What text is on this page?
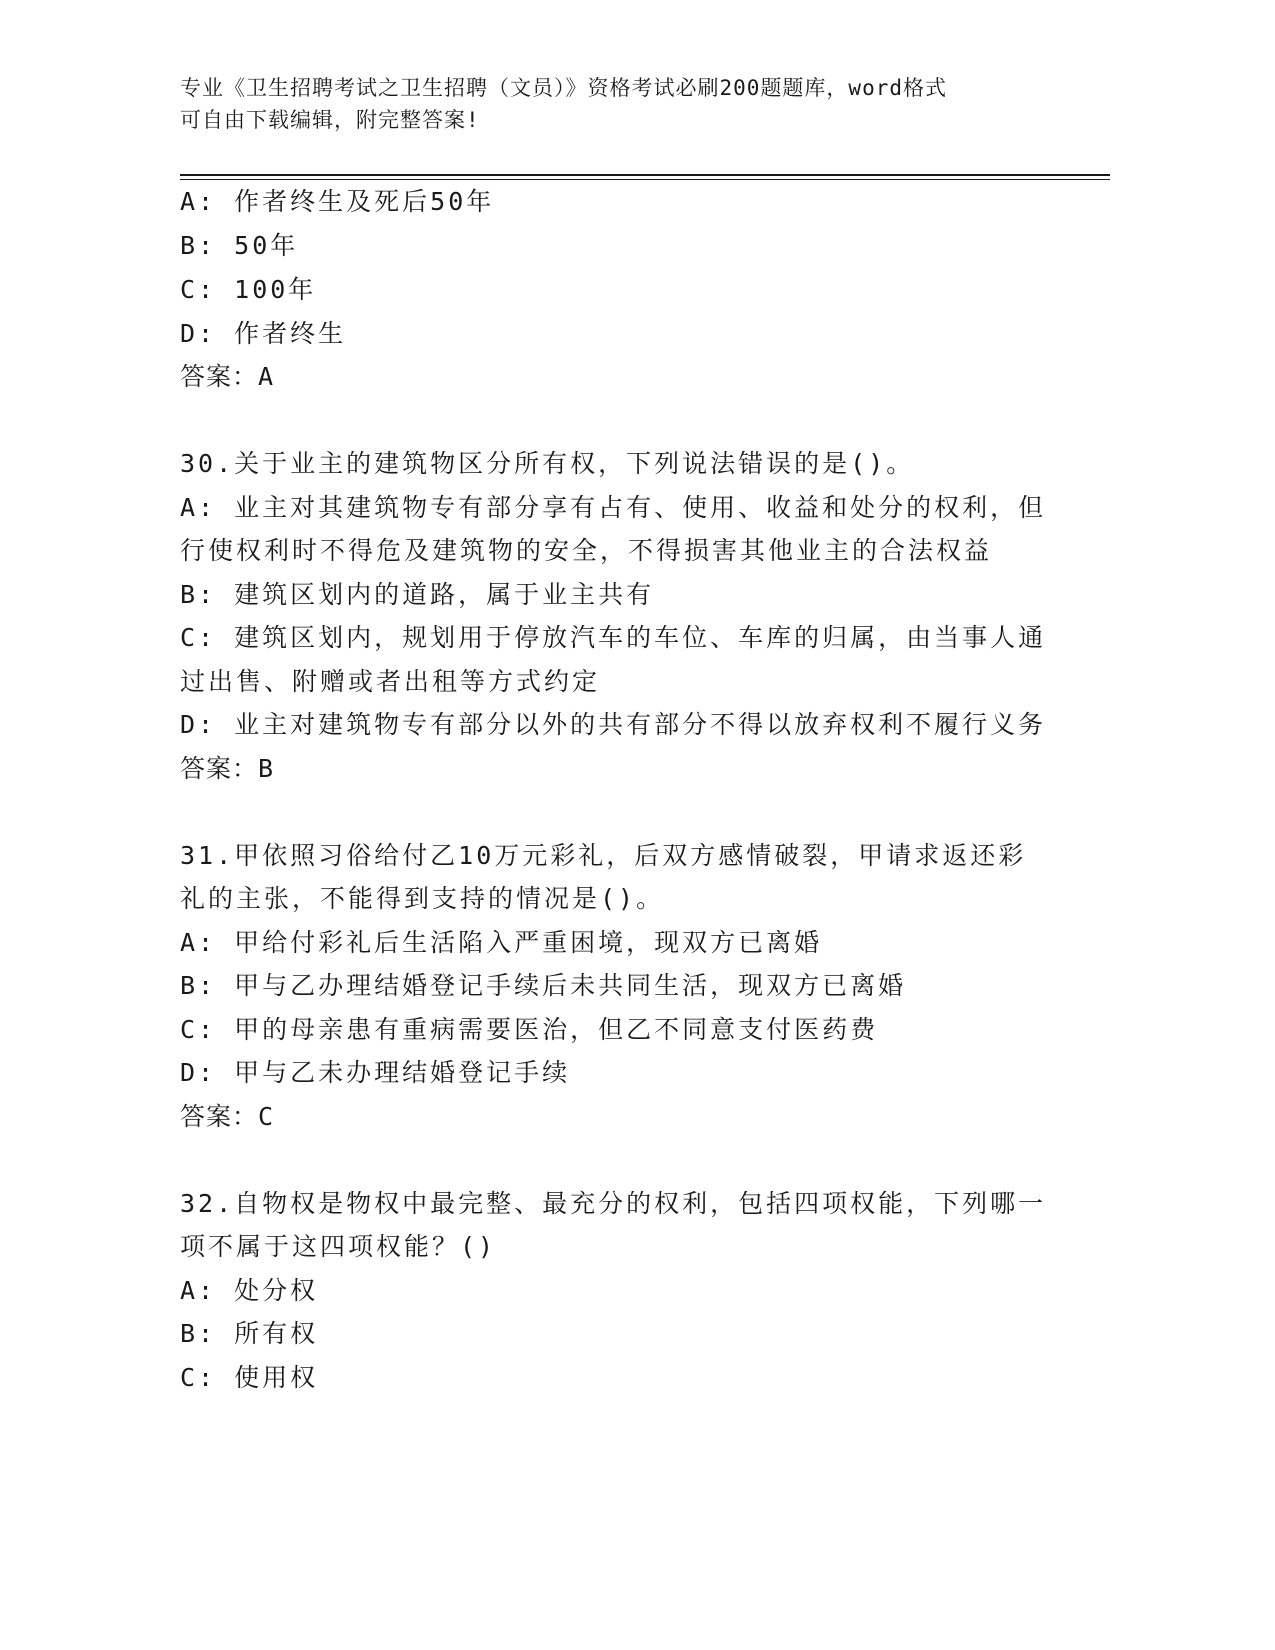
专业《卫生招聘考试之卫生招聘（文员）》资格考试必刷200题题库，word格式
可自由下载编辑，附完整答案!
A: 作者终生及死后50年
B: 50年
C: 100年
D: 作者终生
答案：A
30.关于业主的建筑物区分所有权，下列说法错误的是()。
A: 业主对其建筑物专有部分享有占有、使用、收益和处分的权利，但
行使权利时不得危及建筑物的安全，不得损害其他业主的合法权益
B: 建筑区划内的道路，属于业主共有
C: 建筑区划内，规划用于停放汽车的车位、车库的归属，由当事人通
过出售、附赠或者出租等方式约定
D: 业主对建筑物专有部分以外的共有部分不得以放弃权利不履行义务
答案：B
31.甲依照习俗给付乙10万元彩礼，后双方感情破裂，甲请求返还彩
礼的主张，不能得到支持的情况是()。
A: 甲给付彩礼后生活陷入严重困境，现双方已离婚
B: 甲与乙办理结婚登记手续后未共同生活，现双方已离婚
C: 甲的母亲患有重病需要医治，但乙不同意支付医药费
D: 甲与乙未办理结婚登记手续
答案：C
32.自物权是物权中最完整、最充分的权利，包括四项权能，下列哪一
项不属于这四项权能？()
A: 处分权
B: 所有权
C: 使用权
